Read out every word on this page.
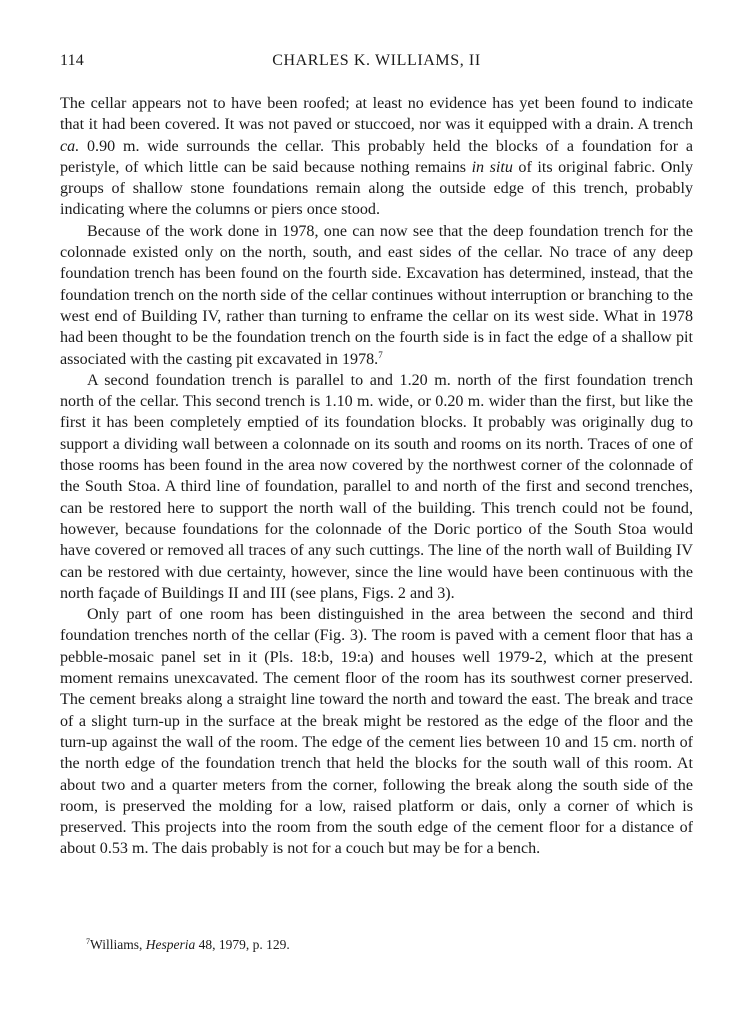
114	CHARLES K. WILLIAMS, II

The cellar appears not to have been roofed; at least no evidence has yet been found to indicate that it had been covered. It was not paved or stuccoed, nor was it equipped with a drain. A trench ca. 0.90 m. wide surrounds the cellar. This probably held the blocks of a foundation for a peristyle, of which little can be said because nothing remains in situ of its original fabric. Only groups of shallow stone foundations remain along the outside edge of this trench, probably indicating where the columns or piers once stood.

Because of the work done in 1978, one can now see that the deep foundation trench for the colonnade existed only on the north, south, and east sides of the cellar. No trace of any deep foundation trench has been found on the fourth side. Excavation has determined, instead, that the foundation trench on the north side of the cellar continues without interruption or branching to the west end of Building IV, rather than turning to enframe the cellar on its west side. What in 1978 had been thought to be the foundation trench on the fourth side is in fact the edge of a shallow pit associated with the casting pit excavated in 1978.$^7$

A second foundation trench is parallel to and 1.20 m. north of the first foundation trench north of the cellar. This second trench is 1.10 m. wide, or 0.20 m. wider than the first, but like the first it has been completely emptied of its foundation blocks. It probably was originally dug to support a dividing wall between a colonnade on its south and rooms on its north. Traces of one of those rooms has been found in the area now covered by the northwest corner of the colonnade of the South Stoa. A third line of foundation, parallel to and north of the first and second trenches, can be restored here to support the north wall of the building. This trench could not be found, however, because foundations for the colonnade of the Doric portico of the South Stoa would have covered or removed all traces of any such cuttings. The line of the north wall of Building IV can be restored with due certainty, however, since the line would have been continuous with the north façade of Buildings II and III (see plans, Figs. 2 and 3).

Only part of one room has been distinguished in the area between the second and third foundation trenches north of the cellar (Fig. 3). The room is paved with a cement floor that has a pebble-mosaic panel set in it (Pls. 18:b, 19:a) and houses well 1979-2, which at the present moment remains unexcavated. The cement floor of the room has its southwest corner preserved. The cement breaks along a straight line toward the north and toward the east. The break and trace of a slight turn-up in the surface at the break might be restored as the edge of the floor and the turn-up against the wall of the room. The edge of the cement lies between 10 and 15 cm. north of the north edge of the foundation trench that held the blocks for the south wall of this room. At about two and a quarter meters from the corner, following the break along the south side of the room, is preserved the molding for a low, raised platform or dais, only a corner of which is preserved. This projects into the room from the south edge of the cement floor for a distance of about 0.53 m. The dais probably is not for a couch but may be for a bench.

$^7$Williams, Hesperia 48, 1979, p. 129.
